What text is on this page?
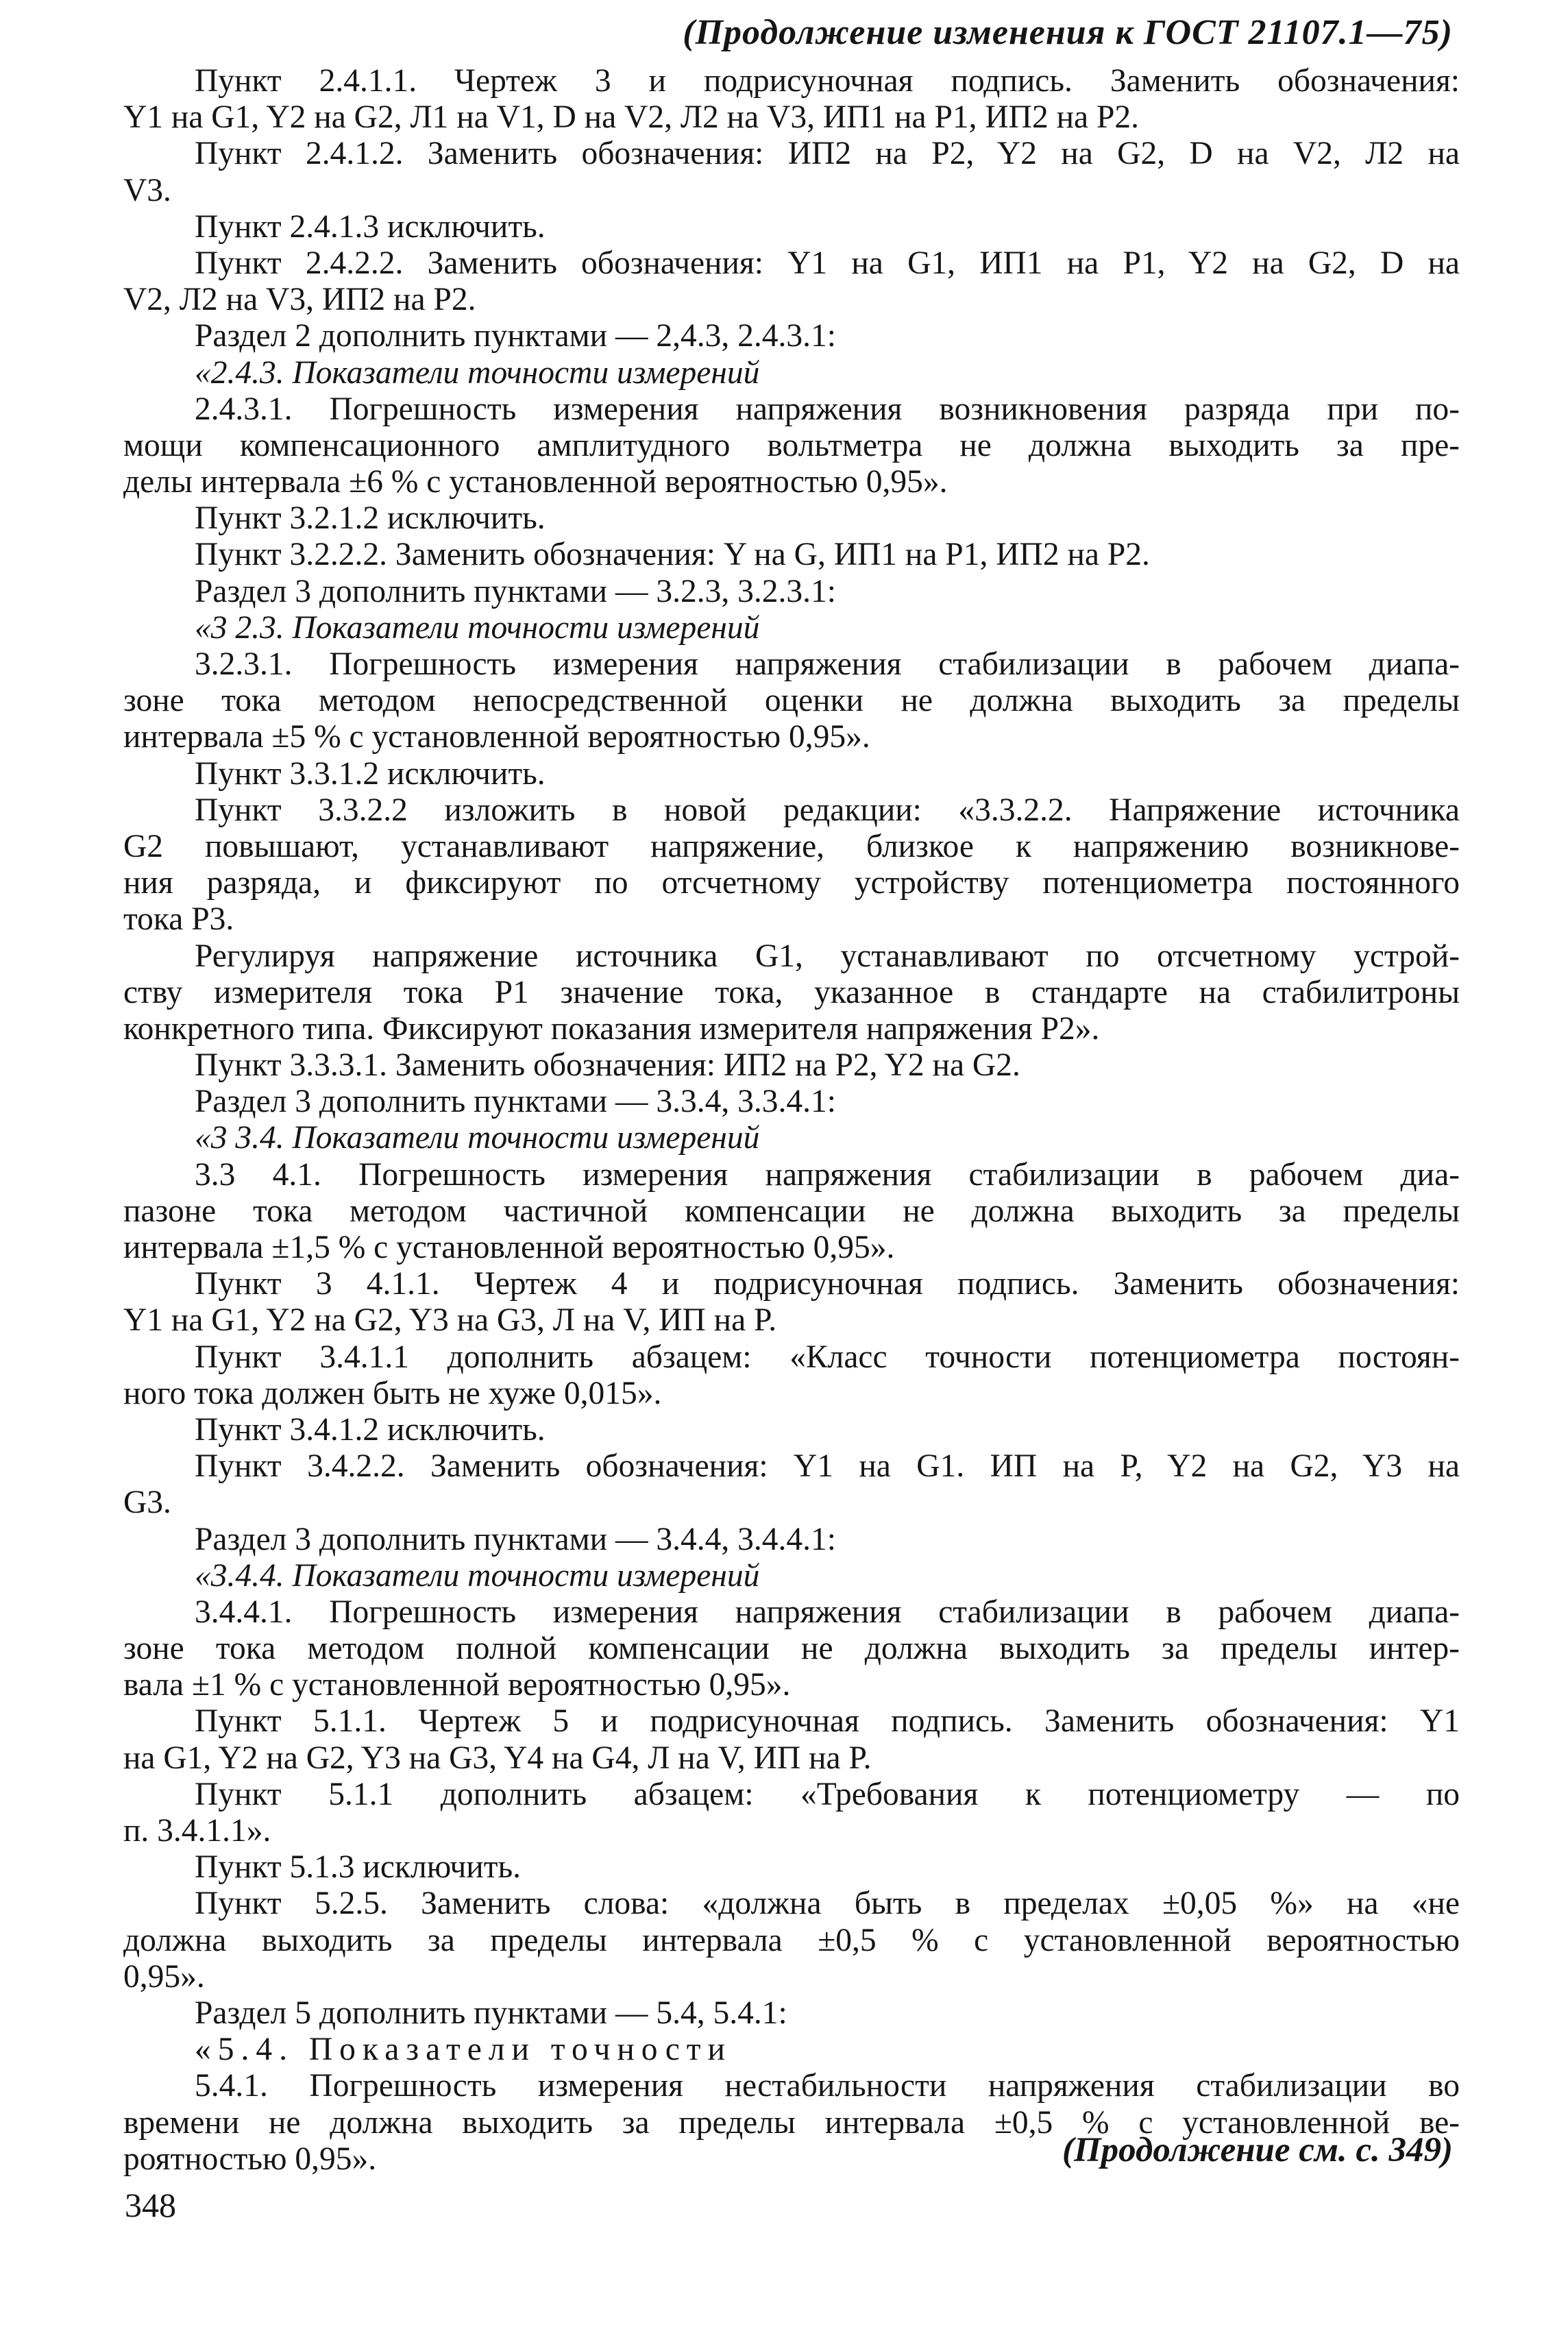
(Продолжение изменения к ГОСТ 21107.1—75)
Пункт 2.4.1.1. Чертеж 3 и подрисуночная подпись. Заменить обозначения:
Y1 на G1, Y2 на G2, Л1 на V1, D на V2, Л2 на V3, ИП1 на P1, ИП2 на P2.
Пункт 2.4.1.2. Заменить обозначения: ИП2 на P2, Y2 на G2, D на V2, Л2 на
V3.
Пункт 2.4.1.3 исключить.
Пункт 2.4.2.2. Заменить обозначения: Y1 на G1, ИП1 на P1, Y2 на G2, D на
V2, Л2 на V3, ИП2 на P2.
Раздел 2 дополнить пунктами — 2,4.3, 2.4.3.1:
«2.4.3. Показатели точности измерений
2.4.3.1. Погрешность измерения напряжения возникновения разряда при по-
мощи компенсационного амплитудного вольтметра не должна выходить за пре-
делы интервала ±6 % с установленной вероятностью 0,95».
Пункт 3.2.1.2 исключить.
Пункт 3.2.2.2. Заменить обозначения: Y на G, ИП1 на P1, ИП2 на P2.
Раздел 3 дополнить пунктами — 3.2.3, 3.2.3.1:
«3 2.3. Показатели точности измерений
3.2.3.1. Погрешность измерения напряжения стабилизации в рабочем диапа-
зоне тока методом непосредственной оценки не должна выходить за пределы
интервала ±5 % с установленной вероятностью 0,95».
Пункт 3.3.1.2 исключить.
Пункт 3.3.2.2 изложить в новой редакции: «3.3.2.2. Напряжение источника
G2 повышают, устанавливают напряжение, близкое к напряжению возникнове-
ния разряда, и фиксируют по отсчетному устройству потенциометра постоянного
тока P3.
Регулируя напряжение источника G1, устанавливают по отсчетному устрой-
ству измерителя тока P1 значение тока, указанное в стандарте на стабилитроны
конкретного типа. Фиксируют показания измерителя напряжения P2».
Пункт 3.3.3.1. Заменить обозначения: ИП2 на P2, Y2 на G2.
Раздел 3 дополнить пунктами — 3.3.4, 3.3.4.1:
«3 3.4. Показатели точности измерений
3.3 4.1. Погрешность измерения напряжения стабилизации в рабочем диа-
пазоне тока методом частичной компенсации не должна выходить за пределы
интервала ±1,5 % с установленной вероятностью 0,95».
Пункт 3 4.1.1. Чертеж 4 и подрисуночная подпись. Заменить обозначения:
Y1 на G1, Y2 на G2, Y3 на G3, Л на V, ИП на P.
Пункт 3.4.1.1 дополнить абзацем: «Класс точности потенциометра постоян-
ного тока должен быть не хуже 0,015».
Пункт 3.4.1.2 исключить.
Пункт 3.4.2.2. Заменить обозначения: Y1 на G1. ИП на P, Y2 на G2, Y3 на
G3.
Раздел 3 дополнить пунктами — 3.4.4, 3.4.4.1:
«3.4.4. Показатели точности измерений
3.4.4.1. Погрешность измерения напряжения стабилизации в рабочем диапа-
зоне тока методом полной компенсации не должна выходить за пределы интер-
вала ±1 % с установленной вероятностью 0,95».
Пункт 5.1.1. Чертеж 5 и подрисуночная подпись. Заменить обозначения: Y1
на G1, Y2 на G2, Y3 на G3, Y4 на G4, Л на V, ИП на P.
Пункт 5.1.1 дополнить абзацем: «Требования к потенциометру — по
п. 3.4.1.1».
Пункт 5.1.3 исключить.
Пункт 5.2.5. Заменить слова: «должна быть в пределах ±0,05 %» на «не
должна выходить за пределы интервала ±0,5 % с установленной вероятностью
0,95».
Раздел 5 дополнить пунктами — 5.4, 5.4.1:
«5.4. Показатели точности
5.4.1. Погрешность измерения нестабильности напряжения стабилизации во
времени не должна выходить за пределы интервала ±0,5 % с установленной ве-
роятностью 0,95».	(Продолжение см. с. 349)
348
